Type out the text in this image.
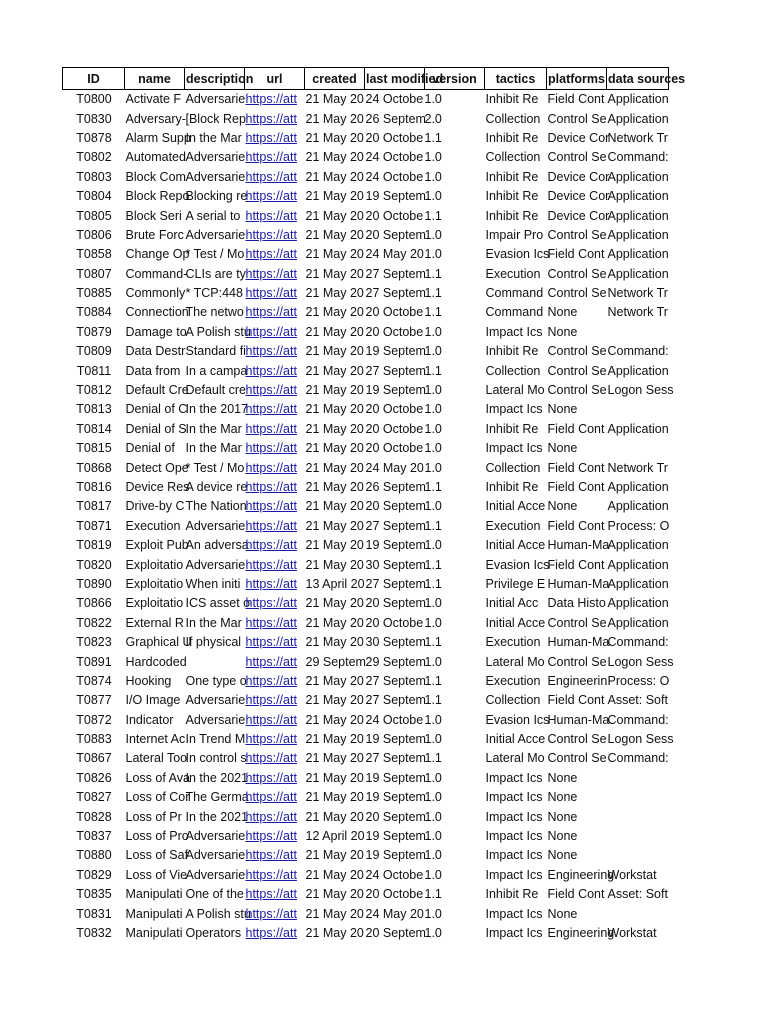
ID	name	description	url	created	last modified	version	tactics	platforms	data sources
T0800	Activate F	Adversarie	https://att	21 May 20	24 Octobe	1.0	Inhibit Re	Field Cont	Application
T0830	Adversary-	[Block Rep	https://att	21 May 20	26 Septem	2.0	Collection	Control Se	Application
T0878	Alarm Supp	In the Mar	https://att	21 May 20	20 Octobe	1.1	Inhibit Re	Device Cor	Network Tr
T0802	Automated	Adversarie	https://att	21 May 20	24 Octobe	1.0	Collection	Control Se	Command:
T0803	Block Com	Adversarie	https://att	21 May 20	24 Octobe	1.0	Inhibit Re	Device Cor	Application
T0804	Block Repo	Blocking re	https://att	21 May 20	19 Septem	1.0	Inhibit Re	Device Cor	Application
T0805	Block Seri	A serial to	https://att	21 May 20	20 Octobe	1.1	Inhibit Re	Device Cor	Application
T0806	Brute Forc	Adversarie	https://att	21 May 20	20 Septem	1.0	Impair Pro	Control Se	Application
T0858	Change Op	* Test / Mo	https://att	21 May 20	24 May 20	1.0	Evasion Ics	Field Cont	Application
T0807	Command-	CLIs are ty	https://att	21 May 20	27 Septem	1.1	Execution	Control Se	Application
T0885	Commonly	* TCP:448	https://att	21 May 20	27 Septem	1.1	Command	Control Se	Network Tr
T0884	Connection	The netwo	https://att	21 May 20	20 Octobe	1.1	Command	None	Network Tr
T0879	Damage to	A Polish stu	https://att	21 May 20	20 Octobe	1.0	Impact Ics	None	
T0809	Data Destr	Standard fi	https://att	21 May 20	19 Septem	1.0	Inhibit Re	Control Se	Command:
T0811	Data from	In a campa	https://att	21 May 20	27 Septem	1.1	Collection	Control Se	Application
T0812	Default Cre	Default cre	https://att	21 May 20	19 Septem	1.0	Lateral Mo	Control Se	Logon Sess
T0813	Denial of C	In the 2017	https://att	21 May 20	20 Octobe	1.0	Impact Ics	None	
T0814	Denial of S	In the Mar	https://att	21 May 20	20 Octobe	1.0	Inhibit Re	Field Cont	Application
T0815	Denial of	In the Mar	https://att	21 May 20	20 Octobe	1.0	Impact Ics	None	
T0868	Detect Ope	* Test / Mo	https://att	21 May 20	24 May 20	1.0	Collection	Field Cont	Network Tr
T0816	Device Res	A device re	https://att	21 May 20	26 Septem	1.1	Inhibit Re	Field Cont	Application
T0817	Drive-by C	The Nation	https://att	21 May 20	20 Septem	1.0	Initial Acce	None	Application
T0871	Execution	Adversarie	https://att	21 May 20	27 Septem	1.1	Execution	Field Cont	Process: O
T0819	Exploit Pub	An adversa	https://att	21 May 20	19 Septem	1.0	Initial Acce	Human-Ma	Application
T0820	Exploitatio	Adversarie	https://att	21 May 20	30 Septem	1.1	Evasion Ics	Field Cont	Application
T0890	Exploitatio	When initi	https://att	13 April 20	27 Septem	1.1	Privilege E	Human-Ma	Application
T0866	Exploitatio	ICS asset o	https://att	21 May 20	20 Septem	1.0	Initial Acc	Data Histo	Application
T0822	External R	In the Mar	https://att	21 May 20	20 Octobe	1.0	Initial Acce	Control Se	Application
T0823	Graphical U	If physical	https://att	21 May 20	30 Septem	1.1	Execution	Human-Ma	Command:
T0891	Hardcoded		https://att	29 Septem	29 Septem	1.0	Lateral Mo	Control Se	Logon Sess
T0874	Hooking	One type o	https://att	21 May 20	27 Septem	1.1	Execution	Engineerin	Process: O
T0877	I/O Image	Adversarie	https://att	21 May 20	27 Septem	1.1	Collection	Field Cont	Asset: Soft
T0872	Indicator	Adversarie	https://att	21 May 20	24 Octobe	1.0	Evasion Ics	Human-Ma	Command:
T0883	Internet Ac	In Trend M	https://att	21 May 20	19 Septem	1.0	Initial Acce	Control Se	Logon Sess
T0867	Lateral Too	In control s	https://att	21 May 20	27 Septem	1.1	Lateral Mo	Control Se	Command:
T0826	Loss of Ava	In the 2021	https://att	21 May 20	19 Septem	1.0	Impact Ics	None	
T0827	Loss of Cor	The Germa	https://att	21 May 20	19 Septem	1.0	Impact Ics	None	
T0828	Loss of Pr	In the 2021	https://att	21 May 20	20 Septem	1.0	Impact Ics	None	
T0837	Loss of Pro	Adversarie	https://att	12 April 20	19 Septem	1.0	Impact Ics	None	
T0880	Loss of Saf	Adversarie	https://att	21 May 20	19 Septem	1.0	Impact Ics	None	
T0829	Loss of Vie	Adversarie	https://att	21 May 20	24 Octobe	1.0	Impact Ics	Engineering	Workstat
T0835	Manipulati	One of the	https://att	21 May 20	20 Octobe	1.1	Inhibit Re	Field Cont	Asset: Soft
T0831	Manipulati	A Polish stu	https://att	21 May 20	24 May 20	1.0	Impact Ics	None	
T0832	Manipulati	Operators	https://att	21 May 20	20 Septem	1.0	Impact Ics	Engineering	Workstat
